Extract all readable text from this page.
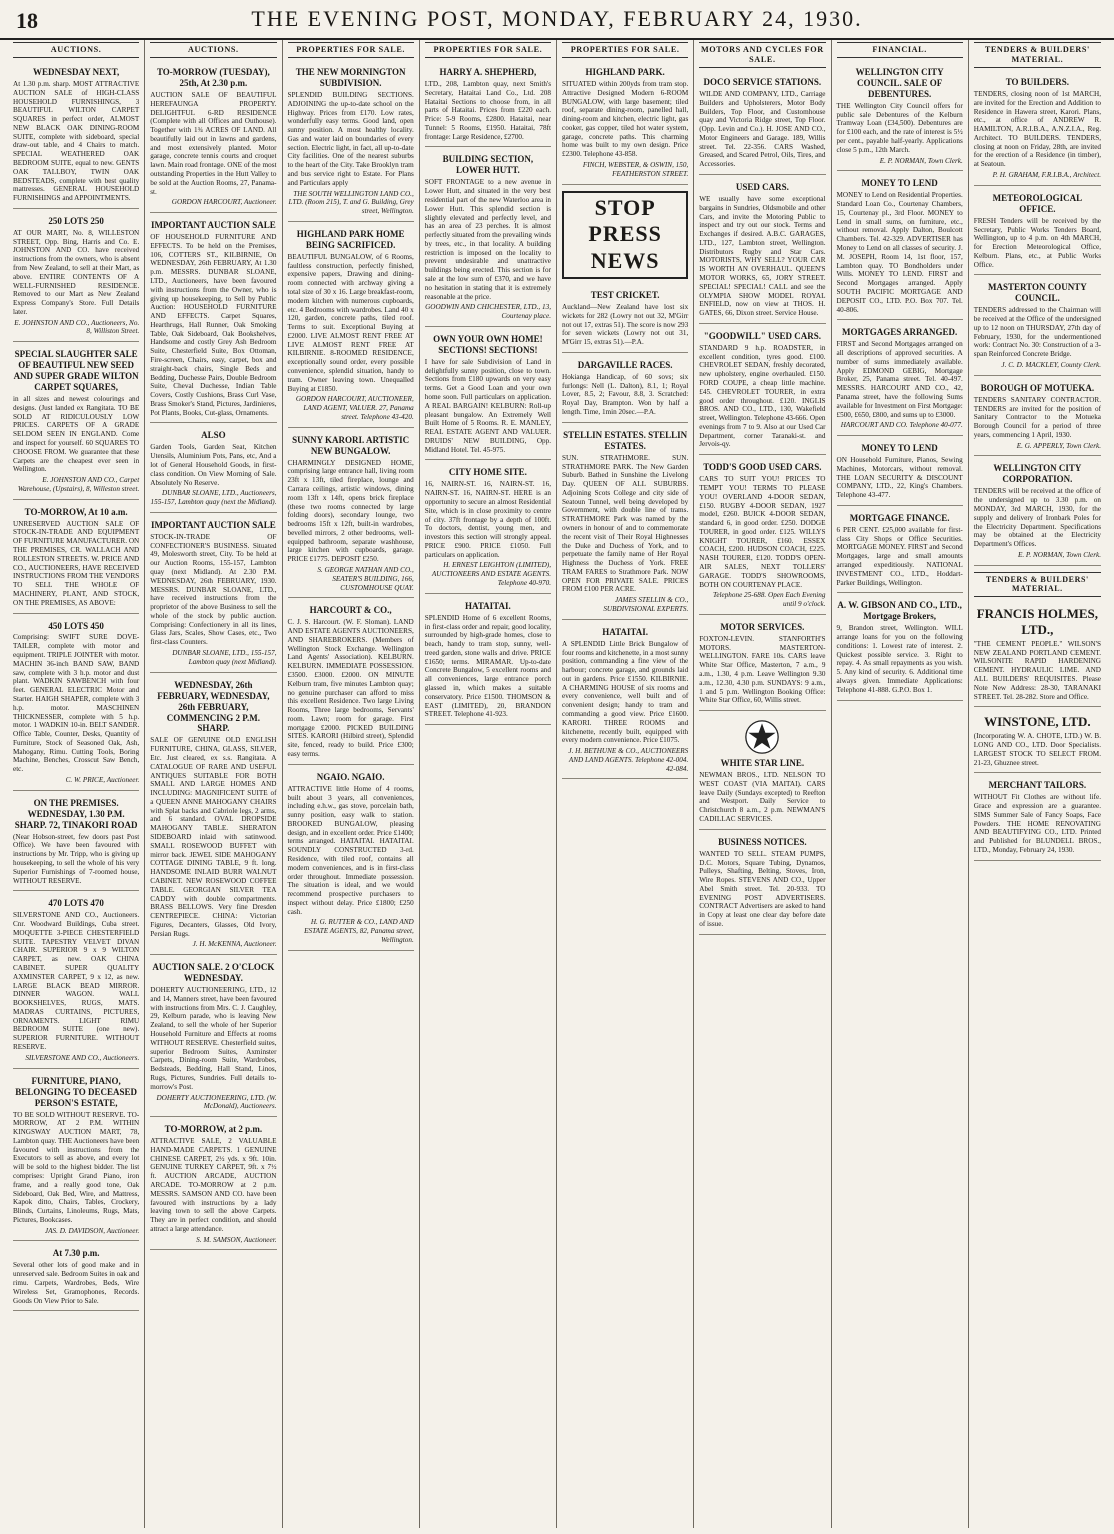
18	THE EVENING POST, MONDAY, FEBRUARY 24, 1930.
AUCTIONS.
WEDNESDAY NEXT,
At 1.30 p.m. sharp. MOST ATTRACTIVE AUCTION SALE of HIGH-CLASS HOUSEHOLD FURNISHINGS, 3 BEAUTIFUL WILTON CARPET SQUARES in perfect order, ALMOST NEW BLACK OAK DINING-ROOM SUITE, complete with sideboard, special draw-out table, and 4 Chairs to match. SPECIAL WEATHERED OAK BEDROOM SUITE, equal to new. GENTS OAK TALLBOY, TWIN OAK BEDSTEADS, complete with best quality mattresses. GENERAL HOUSEHOLD FURNISHINGS and APPOINTMENTS.
250 LOTS 250
AT OUR MART, No. 8, WILLESTON STREET, Opp. Bing, Harris and Co. E. JOHNSTON AND CO. have received instructions from the owners, who is absent from New Zealand, to sell at their Mart, as above. ENTIRE CONTENTS OF A WELL-FURNISHED RESIDENCE. Removed to our Mart as New Zealand Express Company's Store. Full Details later.
E. JOHNSTON AND CO., Auctioneers, No. 8, Williston Street.
SPECIAL SLAUGHTER SALE OF BEAUTIFUL NEW SEED AND SUPER GRADE WILTON CARPET SQUARES,
in all sizes and newest colourings and designs. (Just landed ex Rangitata. TO BE SOLD AT RIDICULOUSLY LOW PRICES. CARPETS OF A GRADE SELDOM SEEN IN ENGLAND. Come and inspect for yourself. 60 SQUARES TO CHOOSE FROM. We guarantee that these Carpets are the cheapest ever seen in Wellington.
E. JOHNSTON AND CO., Carpet Warehouse, (Upstairs), 8, Willeston street.
TO-MORROW, At 10 a.m.
UNRESERVED AUCTION SALE OF STOCK-IN-TRADE AND EQUIPMENT OF FURNITURE MANUFACTURER. ON THE PREMISES, CR. WALLACH AND ROLLESTON STREETS. W. PRICE AND CO., AUCTIONEERS, HAVE RECEIVED INSTRUCTIONS FROM THE VENDORS TO SELL THE WHOLE OF MACHINERY, PLANT, AND STOCK, ON THE PREMISES, AS ABOVE:
450 LOTS 450
Comprising: SWIFT SURE DOVE-TAILER, complete with motor and equipment. TRIPLE JOINTER with motor. MACHIN 36-inch BAND SAW, BAND saw, complete with 3 h.p. motor and dust plant. WADKIN SAWBENCH with four feet. GENERAL ELECTRIC Motor and Starter. HAIGH SHAPER, complete with 3 h.p. motor. MASCHINEN THICKNESSER, complete with 5 h.p. motor. 1 WADKIN 10-in. BELT SANDER. Office Table, Counter, Desks, Quantity of Furniture, Stock of Seasoned Oak, Ash, Mahogany, Rimu. Cutting Tools, Boring Machine, Benches, Crosscut Saw Bench, etc.
C. W. PRICE, Auctioneer.
ON THE PREMISES. WEDNESDAY, 1.30 P.M. SHARP. 72, TINAKORI ROAD
(Near Hobson-street, few doors past Post Office). We have been favoured with instructions by Mr. Tripp, who is giving up housekeeping, to sell the whole of his very Superior Furnishings of 7-roomed house, WITHOUT RESERVE.
470 LOTS 470
SILVERSTONE AND CO., Auctioneers. Cnr. Woodward Buildings, Cuba street. MOQUETTE 3-PIECE CHESTERFIELD SUITE. TAPESTRY VELVET DIVAN CHAIR. SUPERIOR 9 x 9 WILTON CARPET, as new. OAK CHINA CABINET. SUPER QUALITY AXMINSTER CARPET, 9 x 12, as new. LARGE BLACK BEAD MIRROR. DINNER WAGON. WALL BOOKSHELVES, RUGS, MATS. MADRAS CURTAINS, PICTURES, ORNAMENTS. LIGHT RIMU BEDROOM SUITE (one new). SUPERIOR FURNITURE. WITHOUT RESERVE.
SILVERSTONE AND CO., Auctioneers.
FURNITURE, PIANO, BELONGING TO DECEASED PERSON'S ESTATE,
TO BE SOLD WITHOUT RESERVE. TO-MORROW, AT 2 P.M. WITHIN KINGSWAY AUCTION MART, 78, Lambton quay. THE Auctioneers have been favoured with instructions from the Executors to sell as above, and every lot will be sold to the highest bidder. The list comprises: Upright Grand Piano, iron frame, and a really good tone, Oak Sideboard, Oak Bed, Wire, and Mattress, Kapok ditto, Chairs, Tables, Crockery, Blinds, Curtains, Linoleums, Rugs, Mats, Pictures, Bookcases.
JAS. D. DAVIDSON, Auctioneer.
At 7.30 p.m.
Several other lots of good make and in unreserved sale. Bedroom Suites in oak and rimu. Carpets, Wardrobes, Beds, Wire Wireless Set, Gramophones, Records. Goods On View Prior to Sale.
AUCTIONS.
TO-MORROW (TUESDAY), 25th, At 2.30 p.m.
AUCTION SALE OF BEAUTIFUL HEREFAUNGA PROPERTY. DELIGHTFUL 6-RD RESIDENCE (Complete with all Offices and Outhouse). Together with 1¾ ACRES OF LAND. All beautifully laid out in lawns and gardens, and most extensively planted. Motor garage, concrete tennis courts and croquet lawn. Main road frontage. ONE of the most outstanding Properties in the Hutt Valley to be sold at the Auction Rooms, 27, Panama-st.
GORDON HARCOURT, Auctioneer.
IMPORTANT AUCTION SALE
OF HOUSEHOLD FURNITURE AND EFFECTS. To be held on the Premises, 106, COTTERS ST., KILBIRNIE, On WEDNESDAY, 26th FEBRUARY, At 1.30 p.m. MESSRS. DUNBAR SLOANE, LTD., Auctioneers, have been favoured with instructions from the Owner, who is giving up housekeeping, to Sell by Public Auction: HOUSEHOLD FURNITURE AND EFFECTS. Carpet Squares, Hearthrugs, Hall Runner, Oak Smoking Table, Oak Sideboard, Oak Bookshelves, Handsome and costly Grey Ash Bedroom Suite, Chesterfield Suite, Box Ottoman, Fire-screen, Chairs, easy, carpet, box and straight-back chairs, Single Beds and Bedding, Duchesse Pairs, Double Bedroom Suite, Cheval Duchesse, Indian Table Covers, Costly Cushions, Brass Curl Vase, Brass Smoker's Stand, Pictures, Jardinieres, Pot Plants, Books, Cut-glass, Ornaments.
ALSO
Garden Tools, Garden Seat, Kitchen Utensils, Aluminium Pots, Pans, etc, And a lot of General Household Goods, in first-class condition. On View Morning of Sale. Absolutely No Reserve.
DUNBAR SLOANE, LTD., Auctioneers, 155-157, Lambton quay (next the Midland).
IMPORTANT AUCTION SALE
STOCK-IN-TRADE OF CONFECTIONER'S BUSINESS. Situated 49, Molesworth street, City. To be held at our Auction Rooms, 155-157, Lambton quay (next Midland). At 2.30 P.M. WEDNESDAY, 26th FEBRUARY, 1930. MESSRS. DUNBAR SLOANE, LTD., have received instructions from the proprietor of the above Business to sell the whole of the stock by public auction. Comprising: Confectionery in all its lines, Glass Jars, Scales, Show Cases, etc., Two first-class Counters.
DUNBAR SLOANE, LTD., 155-157, Lambton quay (next Midland).
WEDNESDAY, 26th FEBRUARY, WEDNESDAY, 26th FEBRUARY, COMMENCING 2 P.M. SHARP.
SALE OF GENUINE OLD ENGLISH FURNITURE, CHINA, GLASS, SILVER, Etc. Just cleared, ex s.s. Rangitata. A CATALOGUE OF RARE AND USEFUL ANTIQUES SUITABLE FOR BOTH SMALL AND LARGE HOMES AND INCLUDING: MAGNIFICENT SUITE of a QUEEN ANNE MAHOGANY CHAIRS with Splat backs and Cabriole legs, 2 arms, and 6 standard. OVAL DROPSIDE MAHOGANY TABLE. SHERATON SIDEBOARD inlaid with satinwood. SMALL ROSEWOOD BUFFET with mirror back. JEWEL SIDE MAHOGANY COTTAGE DINING TABLE, 9 ft. long. HANDSOME INLAID BURR WALNUT CABINET. NEW ROSEWOOD COFFEE TABLE. GEORGIAN SILVER TEA CADDY with double compartments. BRASS BELLOWS. Very fine Dresden CENTREPIECE. CHINA: Victorian Figures, Decanters, Glasses, Old Ivory, Persian Rugs.
J. H. McKENNA, Auctioneer.
AUCTION SALE. 2 O'CLOCK WEDNESDAY.
DOHERTY AUCTIONEERING, LTD., 12 and 14, Manners street, have been favoured with instructions from Mrs. C. J. Caughley, 29, Kelburn parade, who is leaving New Zealand, to sell the whole of her Superior Household Furniture and Effects at rooms WITHOUT RESERVE. Chesterfield suites, superior Bedroom Suites, Axminster Carpets, Dining-room Suite, Wardrobes, Bedsteads, Bedding, Hall Stand, Linos, Rugs, Pictures, Sundries. Full details to-morrow's Post.
DOHERTY AUCTIONEERING, LTD. (W. McDonald), Auctioneers.
TO-MORROW, at 2 p.m.
ATTRACTIVE SALE, 2 VALUABLE HAND-MADE CARPETS. 1 GENUINE CHINESE CARPET, 2½ yds. x 9ft. 10in. GENUINE TURKEY CARPET, 9ft. x 7½ ft. AUCTION ARCADE, AUCTION ARCADE. TO-MORROW at 2 p.m. MESSRS. SAMSON AND CO. have been favoured with instructions by a lady leaving town to sell the above Carpets. They are in perfect condition, and should attract a large attendance.
S. M. SAMSON, Auctioneer.
PROPERTIES FOR SALE.
THE NEW MORNINGTON SUBDIVISION.
SPLENDID BUILDING SECTIONS. ADJOINING the up-to-date school on the Highway. Prices from £170. Low rates, wonderfully easy terms. Good land, open sunny position. A most healthy locality. Gas and water laid on boundaries of every section. Electric light, in fact, all up-to-date City facilities. One of the nearest suburbs to the heart of the City. Take Brooklyn tram and bus service right to Estate. For Plans and Particulars apply
THE SOUTH WELLINGTON LAND CO., LTD. (Room 215), T. and G. Building, Grey street, Wellington.
HIGHLAND PARK HOME BEING SACRIFICED.
BEAUTIFUL BUNGALOW, of 6 Rooms, faultless construction, perfectly finished, expensive papers, Drawing and dining-room connected with archway giving a total size of 30 x 16. Large breakfast-room, modern kitchen with numerous cupboards, etc. 4 Bedrooms with wardrobes. Land 40 x 120, garden, concrete paths, tiled roof. Terms to suit. Exceptional Buying at £2000. LIVE ALMOST RENT FREE AT LIVE ALMOST RENT FREE AT KILBIRNIE. 8-ROOMED RESIDENCE, exceptionally sound order, every possible convenience, splendid situation, handy to tram. Owner leaving town. Unequalled Buying at £1850.
GORDON HARCOURT, AUCTIONEER, LAND AGENT, VALUER. 27, Panama street. Telephone 43-420.
SUNNY KARORI. ARTISTIC NEW BUNGALOW.
CHARMINGLY DESIGNED HOME, comprising large entrance hall, living room 23ft x 13ft, tiled fireplace, lounge and Carrara ceilings, artistic windows, dining room 13ft x 14ft, opens brick fireplace (these two rooms connected by large folding doors), secondary lounge, two bedrooms 15ft x 12ft, built-in wardrobes, bevelled mirrors, 2 other bedrooms, well-equipped bathroom, separate washhouse, large kitchen with cupboards, garage. PRICE £1775. DEPOSIT £250.
S. GEORGE NATHAN AND CO., SEATER'S BUILDING, 166, CUSTOMHOUSE QUAY.
HARCOURT & CO.,
C. J. S. Harcourt. (W. F. Sloman). LAND AND ESTATE AGENTS AUCTIONEERS, AND SHAREBROKERS. (Members of Wellington Stock Exchange. Wellington Land Agents' Association). KELBURN. KELBURN. IMMEDIATE POSSESSION. £3500. £3000. £2000. ON MINUTE Kelburn tram, five minutes Lambton quay; no genuine purchaser can afford to miss this excellent Residence. Two large Living Rooms, Three large bedrooms, Servants' room. Lawn; room for garage. First mortgage £2000. PICKED BUILDING SITES. KARORI (Hilbird street), Splendid site, fenced, ready to build. Price £300; easy terms.
NGAIO. NGAIO.
ATTRACTIVE little Home of 4 rooms, built about 3 years, all conveniences, including e.h.w., gas stove, porcelain bath, sunny position, easy walk to station. BROOKED BUNGALOW, pleasing design, and in excellent order. Price £1400; terms arranged. HATAITAI. HATAITAI. SOUNDLY CONSTRUCTED 3-rd. Residence, with tiled roof, contains all modern conveniences, and is in first-class order throughout. Immediate possession. The situation is ideal, and we would recommend prospective purchasers to inspect without delay. Price £1800; £250 cash.
H. G. RUTTER & CO., LAND AND ESTATE AGENTS, 82, Panama street, Wellington.
PROPERTIES FOR SALE.
HARRY A. SHEPHERD,
LTD., 208, Lambton quay, next Smith's Secretary, Hataitai Land Co., Ltd. 208 Hataitai Sections to choose from, in all parts of Hataitai. Prices from £220 each. Price: 5-9 Rooms, £2800. Hataitai, near Tunnel: 5 Rooms, £1950. Hataitai, 78ft frontage: Large Residence, £2700.
BUILDING SECTION, LOWER HUTT.
SOFT FRONTAGE to a new avenue in Lower Hutt, and situated in the very best residential part of the new Waterloo area in Lower Hutt. This splendid section is slightly elevated and perfectly level, and has an area of 23 perches. It is almost perfectly situated from the prevailing winds by trees, etc., in that locality. A building restriction is imposed on the locality to prevent undesirable and unattractive buildings being erected. This section is for sale at the low sum of £370, and we have no hesitation in stating that it is extremely reasonable at the price.
GOODWIN AND CHICHESTER, LTD., 13, Courtenay place.
OWN YOUR OWN HOME! SECTIONS! SECTIONS!
I have for sale Subdivision of Land in delightfully sunny position, close to town. Sections from £180 upwards on very easy terms. Get a Good Loan and your own home soon. Full particulars on application. A REAL BARGAIN! KELBURN: Roll-up pleasant bungalow. An Extremely Well Built Home of 5 Rooms. R. E. MANLEY, REAL ESTATE AGENT AND VALUER. DRUIDS' NEW BUILDING, Opp. Midland Hotel. Tel. 45-975.
CITY HOME SITE.
16, NAIRN-ST. 16, NAIRN-ST. 16, NAIRN-ST. 16, NAIRN-ST. HERE is an opportunity to secure an almost Residential Site, which is in close proximity to centre of city. 37ft frontage by a depth of 100ft. To doctors, dentist, young men, and investors this section will strongly appeal. PRICE £900. PRICE £1050. Full particulars on application.
H. ERNEST LEIGHTON (LIMITED), AUCTIONEERS AND ESTATE AGENTS. Telephone 40-970.
HATAITAI.
SPLENDID Home of 6 excellent Rooms, in first-class order and repair, good locality, surrounded by high-grade homes, close to beach, handy to tram stop, sunny, well-treed garden, stone walls and drive. PRICE £1650; terms. MIRAMAR. Up-to-date Concrete Bungalow, 5 excellent rooms and all conveniences, large entrance porch glassed in, which makes a suitable conservatory. Price £1500. THOMSON & EAST (LIMITED), 20, BRANDON STREET. Telephone 41-923.
PROPERTIES FOR SALE.
HIGHLAND PARK.
SITUATED within 200yds from tram stop. Attractive Designed Modern 6-ROOM BUNGALOW, with large basement; tiled roof, separate dining-room, panelled hall, dining-room and kitchen, electric light, gas cooker, gas copper, tiled hot water system, garage, concrete paths. This charming home was built to my own design. Price £2300. Telephone 43-858.
FINCH, WEBSTER, & OSWIN, 150, FEATHERSTON STREET.
STOP PRESS NEWS
TEST CRICKET.
Auckland—New Zealand have lost six wickets for 282 (Lowry not out 32, M'Girr not out 17, extras 51). The score is now 293 for seven wickets (Lowry not out 31, M'Girr 15, extras 51).—P.A.
DARGAVILLE RACES.
Hokianga Handicap, of 60 sovs; six furlongs: Nell (L. Dalton), 8.1, 1; Royal Lover, 8.5, 2; Favour, 8.8, 3. Scratched: Royal Day, Brampton. Won by half a length. Time, 1min 20sec.—P.A.
STELLIN ESTATES. STELLIN ESTATES.
SUN. STRATHMORE. SUN. STRATHMORE PARK. The New Garden Suburb. Bathed in Sunshine the Livelong Day. QUEEN OF ALL SUBURBS. Adjoining Scots College and city side of Seatoun Tunnel, well being developed by Government, with double line of trams. STRATHMORE Park was named by the owners in honour of and to commemorate the recent visit of Their Royal Highnesses the Duke and Duchess of York, and to perpetuate the family name of Her Royal Highness the Duchess of York. FREE TRAM FARES to Strathmore Park. NOW OPEN FOR PRIVATE SALE. PRICES FROM £100 PER ACRE.
JAMES STELLIN & CO., SUBDIVISIONAL EXPERTS.
HATAITAI.
A SPLENDID Little Brick Bungalow of four rooms and kitchenette, in a most sunny position, commanding a fine view of the harbour; concrete garage, and grounds laid out in gardens. Price £1550. KILBIRNIE. A CHARMING HOUSE of six rooms and every convenience, well built and of convenient design; handy to tram and commanding a good view. Price £1600. KARORI. THREE ROOMS and kitchenette, recently built, equipped with every modern convenience. Price £1075.
J. H. BETHUNE & CO., AUCTIONEERS AND LAND AGENTS. Telephone 42-004. 42-084.
MOTORS AND CYCLES FOR SALE.
DOCO SERVICE STATIONS.
WILDE AND COMPANY, LTD., Carriage Builders and Upholsterers, Motor Body Builders, Top Floor, and Customhouse quay and Victoria Ridge street, Top Floor. (Opp. Levin and Co.). H. JOSE AND CO., Motor Engineers and Garage. 189, Willis street. Tel. 22-356. CARS Washed, Greased, and Scared Petrol, Oils, Tires, and Accessories.
USED CARS.
WE usually have some exceptional bargains in Sundries, Oldsmobile and other Cars, and invite the Motoring Public to inspect and try out our stock. Terms and Exchanges if desired. A.B.C. GARAGES, LTD., 127, Lambton street, Wellington. Distributors Rugby and Star Cars. MOTORISTS, WHY SELL? YOUR CAR IS WORTH AN OVERHAUL. QUEEN'S MOTOR WORKS, 65, JORY STREET. SPECIAL! SPECIAL! CALL and see the OLYMPIA SHOW MODEL ROYAL ENFIELD, now on view at THOS. H. GATES, 66, Dixon street. Service House.
"GOODWILL" USED CARS.
STANDARD 9 h.p. ROADSTER, in excellent condition, tyres good. £100. CHEVROLET SEDAN, freshly decorated, new upholstery, engine overhauled. £150. FORD COUPE, a cheap little machine. £45. CHEVROLET TOURER, in extra good order throughout. £120. INGLIS BROS. AND CO., LTD., 130, Wakefield street, Wellington. Telephone 43-666. Open evenings from 7 to 9. Also at our Used Car Department, corner Taranaki-st. and Jervois-qy.
TODD'S GOOD USED CARS.
CARS TO SUIT YOU! PRICES TO TEMPT YOU! TERMS TO PLEASE YOU! OVERLAND 4-DOOR SEDAN, £150. RUGBY 4-DOOR SEDAN, 1927 model, £260. BUICK 4-DOOR SEDAN, standard 6, in good order. £250. DODGE TOURER, in good order. £125. WILLYS KNIGHT TOURER, £160. ESSEX COACH, £200. HUDSON COACH, £225. NASH TOURER, £120. TODD'S OPEN-AIR SALES, NEXT TOLLERS' GARAGE. TODD'S SHOWROOMS, BOTH ON COURTENAY PLACE.
Telephone 25-688. Open Each Evening until 9 o'clock.
MOTOR SERVICES.
FOXTON-LEVIN. STANFORTH'S MOTORS. MASTERTON-WELLINGTON. FARE 10s. CARS leave White Star Office, Masterton, 7 a.m., 9 a.m., 1.30, 4 p.m. Leave Wellington 9.30 a.m., 12.30, 4.30 p.m. SUNDAYS: 9 a.m., 1 and 5 p.m. Wellington Booking Office: White Star Office, 60, Willis street.
WHITE STAR LINE.
NEWMAN BROS., LTD. NELSON TO WEST COAST (VIA MAITAI). CARS leave Daily (Sundays excepted) to Reefton and Westport. Daily Service to Christchurch 8 a.m., 2 p.m. NEWMAN'S CADILLAC SERVICES.
BUSINESS NOTICES.
WANTED TO SELL. STEAM PUMPS, D.C. Motors, Square Tubing, Dynamos, Pulleys, Shafting, Belting, Stoves, Iron, Wire Ropes. STEVENS AND CO., Upper Abel Smith street. Tel. 20-933. TO EVENING POST ADVERTISERS. CONTRACT Advertisers are asked to hand in Copy at least one clear day before date of issue.
FINANCIAL.
WELLINGTON CITY COUNCIL. SALE OF DEBENTURES.
THE Wellington City Council offers for public sale Debentures of the Kelburn Tramway Loan (£34,500). Debentures are for £100 each, and the rate of interest is 5½ per cent., payable half-yearly. Applications close 5 p.m., 12th March.
E. P. NORMAN, Town Clerk.
MONEY TO LEND
MONEY to Lend on Residential Properties. Standard Loan Co., Courtenay Chambers, 15, Courtenay pl., 3rd Floor. MONEY to Lend in small sums, on furniture, etc., without removal. Apply Dalton, Boulcott Chambers. Tel. 42-329. ADVERTISER has Money to Lend on all classes of security. J. M. JOSEPH, Room 14, 1st floor, 157, Lambton quay. TO Bondholders under Wills. MONEY TO LEND. FIRST and Second Mortgages arranged. Apply SOUTH PACIFIC MORTGAGE AND DEPOSIT CO., LTD. P.O. Box 707. Tel. 40-806.
MORTGAGES ARRANGED.
FIRST and Second Mortgages arranged on all descriptions of approved securities. A number of sums immediately available. Apply EDMOND GEBIG, Mortgage Broker, 25, Panama street. Tel. 40-497. MESSRS. HARCOURT AND CO., 42, Panama street, have the following Sums available for Investment on First Mortgage: £500, £650, £800, and sums up to £3000.
HARCOURT AND CO. Telephone 40-077.
MONEY TO LEND
ON Household Furniture, Pianos, Sewing Machines, Motorcars, without removal. THE LOAN SECURITY & DISCOUNT COMPANY, LTD., 22, King's Chambers. Telephone 43-477.
MORTGAGE FINANCE.
6 PER CENT. £25,000 available for first-class City Shops or Office Securities. MORTGAGE MONEY. FIRST and Second Mortgages, large and small amounts arranged expeditiously. NATIONAL INVESTMENT CO., LTD., Hoddart-Parker Buildings, Wellington.
A. W. GIBSON AND CO., LTD., Mortgage Brokers,
9, Brandon street, Wellington. WILL arrange loans for you on the following conditions: 1. Lowest rate of interest. 2. Quickest possible service. 3. Right to repay. 4. As small repayments as you wish. 5. Any kind of security. 6. Additional time always given. Immediate Applications: Telephone 41-888. G.P.O. Box 1.
TENDERS & BUILDERS' MATERIAL.
TO BUILDERS.
TENDERS, closing noon of 1st MARCH, are invited for the Erection and Addition to Residence in Hawera street, Karori. Plans, etc., at office of ANDREW R. HAMILTON, A.R.I.B.A., A.N.Z.I.A., Reg. Architect. TO BUILDERS. TENDERS, closing at noon on Friday, 28th, are invited for the erection of a Residence (in timber), at Seatoun.
P. H. GRAHAM, F.R.I.B.A., Architect.
METEOROLOGICAL OFFICE.
FRESH Tenders will be received by the Secretary, Public Works Tenders Board, Wellington, up to 4 p.m. on 4th MARCH, for Erection Meteorological Office, Kelburn. Plans, etc., at Public Works Office.
MASTERTON COUNTY COUNCIL.
TENDERS addressed to the Chairman will be received at the Office of the undersigned up to 12 noon on THURSDAY, 27th day of February, 1930, for the undermentioned work: Contract No. 30: Construction of a 3-span Reinforced Concrete Bridge.
J. C. D. MACKLEY, County Clerk.
BOROUGH OF MOTUEKA.
TENDERS SANITARY CONTRACTOR. TENDERS are invited for the position of Sanitary Contractor to the Motueka Borough Council for a period of three years, commencing 1 April, 1930.
E. G. APPERLY, Town Clerk.
WELLINGTON CITY CORPORATION.
TENDERS will be received at the office of the undersigned up to 3.30 p.m. on MONDAY, 3rd MARCH, 1930, for the supply and delivery of Ironbark Poles for the Electricity Department. Specifications may be obtained at the Electricity Department's Offices.
E. P. NORMAN, Town Clerk.
TENDERS & BUILDERS' MATERIAL.
FRANCIS HOLMES, LTD.,
"THE CEMENT PEOPLE." WILSON'S NEW ZEALAND PORTLAND CEMENT. WILSONITE RAPID HARDENING CEMENT. HYDRAULIC LIME. AND ALL BUILDERS' REQUISITES. Please Note New Address: 28-30, TARANAKI STREET. Tel. 28-282. Store and Office.
WINSTONE, LTD.
(Incorporating W. A. CHOTE, LTD.) W. B. LONG AND CO., LTD. Door Specialists. LARGEST STOCK TO SELECT FROM. 21-23, Ghuznee street.
MERCHANT TAILORS.
WITHOUT Fit Clothes are without life. Grace and expression are a guarantee. SIMS Summer Sale of Fancy Soaps, Face Powders. THE HOME RENOVATING AND BEAUTIFYING CO., LTD. Printed and Published for BLUNDELL BROS., LTD., Monday, February 24, 1930.
